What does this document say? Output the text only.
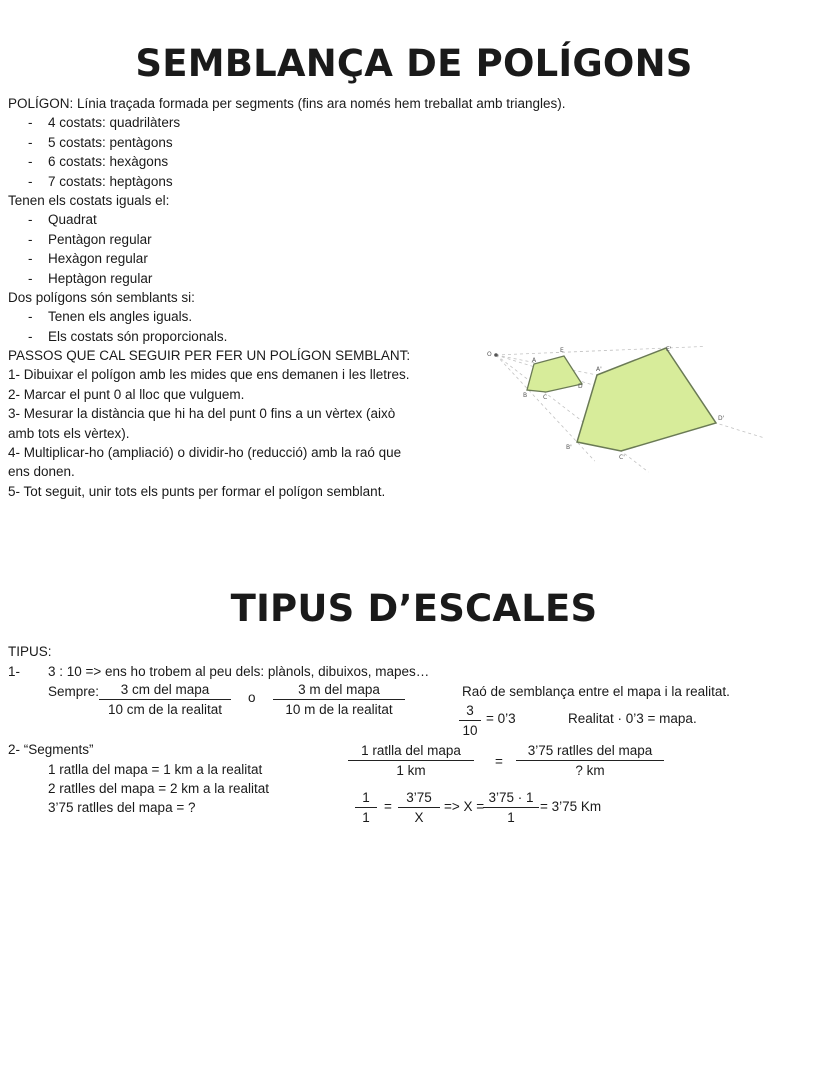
SEMBLANÇA DE POLÍGONS
POLÍGON: Línia traçada formada per segments (fins ara només hem treballat amb triangles).
- 4 costats: quadrilàters
- 5 costats: pentàgons
- 6 costats: hexàgons
- 7 costats: heptàgons
Tenen els costats iguals el:
- Quadrat
- Pentàgon regular
- Hexàgon regular
- Heptàgon regular
Dos polígons són semblants si:
- Tenen els angles iguals.
- Els costats són proporcionals.
PASSOS QUE CAL SEGUIR PER FER UN POLÍGON SEMBLANT:
1- Dibuixar el polígon amb les mides que ens demanen i les lletres.
2- Marcar el punt 0 al lloc que vulguem.
3- Mesurar la distància que hi ha del punt 0 fins a un vèrtex (això
amb tots els vèrtex).
4- Multiplicar-ho (ampliació) o dividir-ho (reducció) amb la raó que
ens donen.
5- Tot seguit, unir tots els punts per formar el polígon semblant.
O
A
B	C
D
E
A'
B'
C'
D'
E'
TIPUS D’ESCALES
TIPUS:
1- 3 : 10 => ens ho trobem al peu dels: plànols, dibuixos, mapes…
Sempre:	3 cm del mapa
10 cm de la realitat
o
3 m del mapa
10 m de la realitat
Raó de semblança entre el mapa i la realitat.
$\frac{3}{10}$ = 0’3	Realitat · 0’3 = mapa.
2- “Segments”
1 ratlla del mapa = 1 km a la realitat
2 ratlles del mapa = 2 km a la realitat
3’75 ratlles del mapa = ?
1 ratlla del mapa
1 km
=
3’75 ratlles del mapa
? km
$\frac{1}{1} = \frac{3’75}{X} => X$ =
$\frac{3’75 \cdot 1}{1}$ = 3’75 Km
